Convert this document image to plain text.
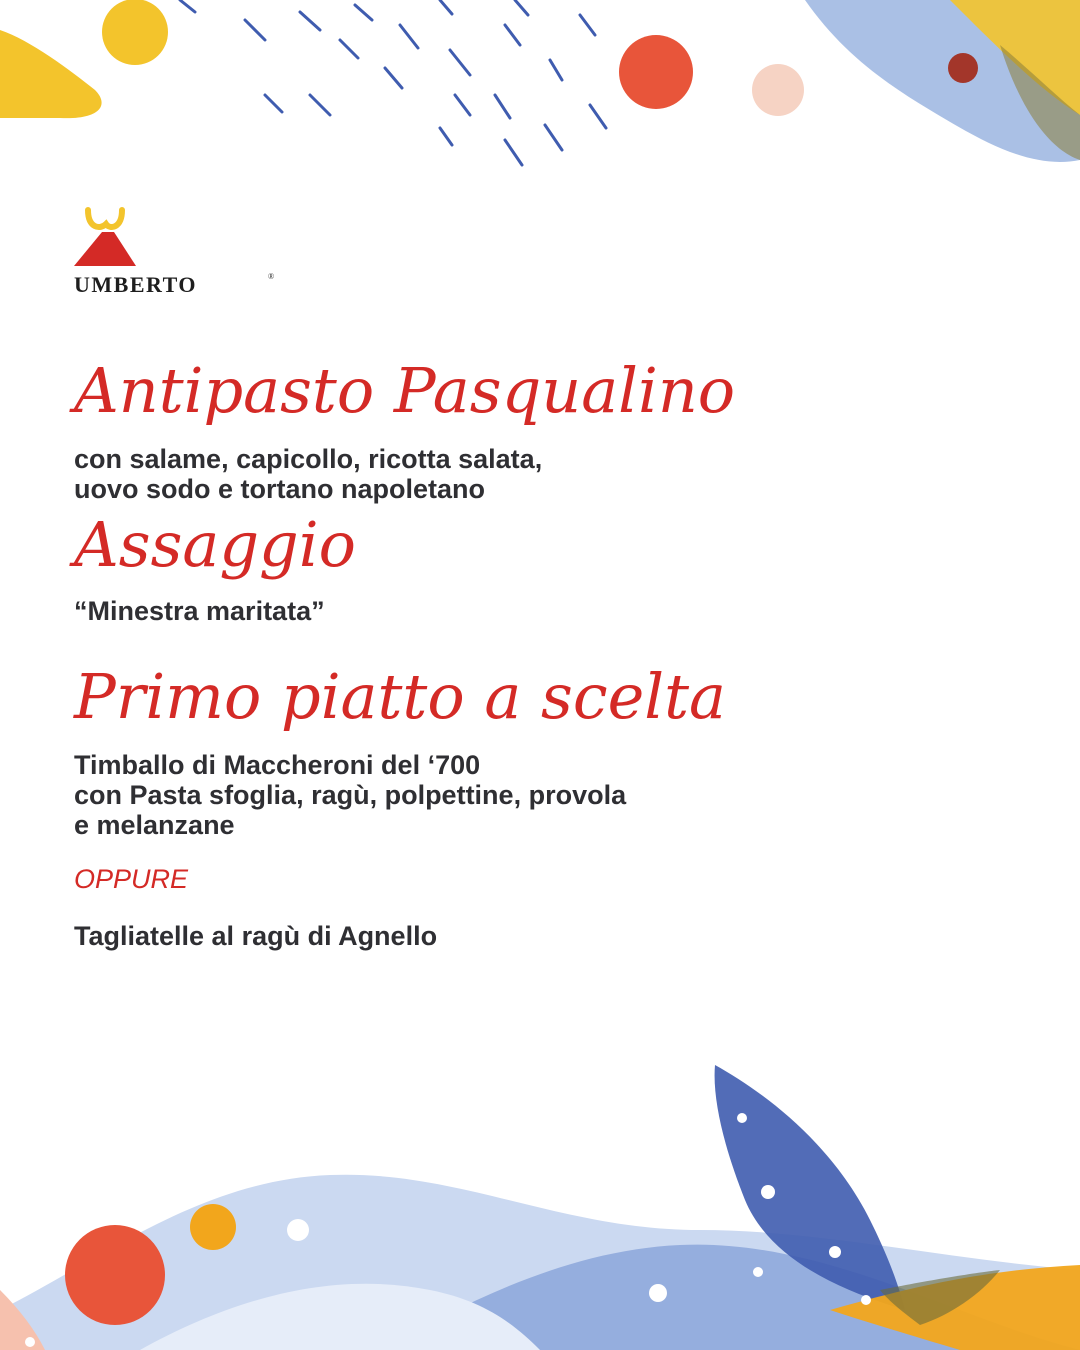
UMBERTO	®
Antipasto Pasqualino

con salame, capicollo, ricotta salata,

uovo sodo e tortano napoletano

Assaggio

“Minestra maritata”

Primo piatto a scelta

Timballo di Maccheroni del ‘700

con Pasta sfoglia, ragù, polpettine, provola

e melanzane

OPPURE

Tagliatelle al ragù di Agnello
